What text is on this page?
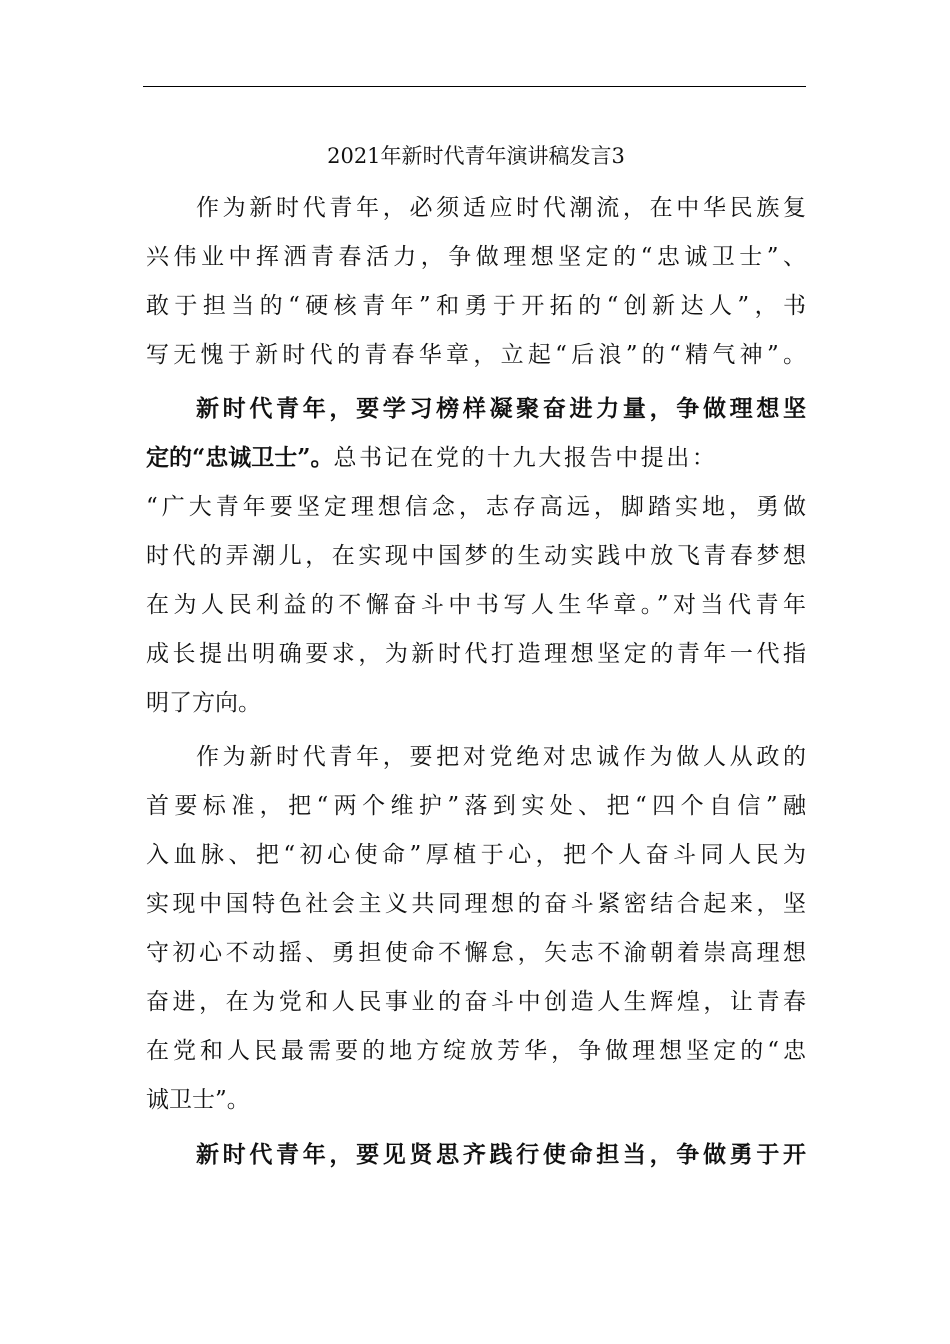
2021年新时代青年演讲稿发言3
作为新时代青年，必须适应时代潮流，在中华民族复
兴伟业中挥洒青春活力，争做理想坚定的“忠诚卫士”、
敢于担当的“硬核青年”和勇于开拓的“创新达人”，书
写无愧于新时代的青春华章，立起“后浪”的“精气神”。
新时代青年，要学习榜样凝聚奋进力量，争做理想坚
定的“忠诚卫士”。总书记在党的十九大报告中提出：
“广大青年要坚定理想信念，志存高远，脚踏实地，勇做
时代的弄潮儿，在实现中国梦的生动实践中放飞青春梦想
在为人民利益的不懈奋斗中书写人生华章。”对当代青年
成长提出明确要求，为新时代打造理想坚定的青年一代指
明了方向。
作为新时代青年，要把对党绝对忠诚作为做人从政的
首要标准，把“两个维护”落到实处、把“四个自信”融
入血脉、把“初心使命”厚植于心，把个人奋斗同人民为
实现中国特色社会主义共同理想的奋斗紧密结合起来，坚
守初心不动摇、勇担使命不懈怠，矢志不渝朝着崇高理想
奋进，在为党和人民事业的奋斗中创造人生辉煌，让青春
在党和人民最需要的地方绽放芳华，争做理想坚定的“忠
诚卫士”。
新时代青年，要见贤思齐践行使命担当，争做勇于开
